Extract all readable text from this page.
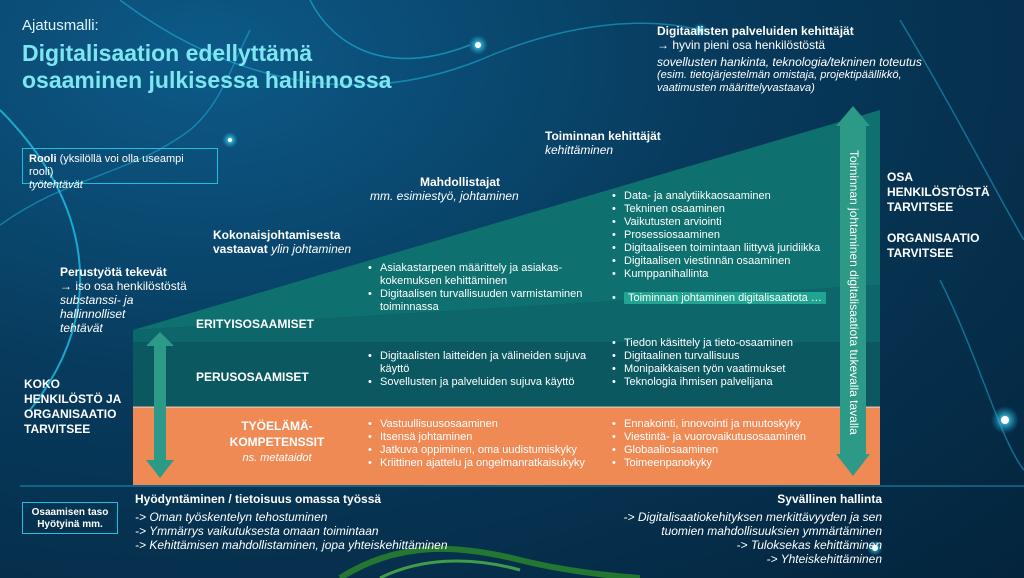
Ajatusmalli:
Digitalisaation edellyttämä
osaaminen julkisessa hallinnossa
Rooli (yksilöllä voi olla useampi rooli)
työtehtävät
Perustyötä tekevät
→ iso osa henkilöstöstä
substanssi- ja
hallinnolliset
tehtävät
Kokonaisjohtamisesta
vastaavat ylin johtaminen
Mahdollistajat
mm. esimiestyö, johtaminen
Toiminnan kehittäjät
kehittäminen
Digitaalisten palveluiden kehittäjät
→ hyvin pieni osa henkilöstöstä
sovellusten hankinta, teknologia/tekninen toteutus
(esim. tietojärjestelmän omistaja, projektipäällikkö,
vaatimusten määrittelyvastaava)
KOKO
HENKILÖSTÖ JA
ORGANISAATIO
TARVITSEE
OSA
HENKILÖSTÖSTÄ
TARVITSEE
ORGANISAATIO
TARVITSEE
Toiminnan johtaminen digitalisaatiota tukevalla tavalla
ERITYISOSAAMISET
PERUSOSAAMISET
TYÖELÄMÄ-
KOMPETENSSIT
ns. metataidot
• Asiakastarpeen määrittely ja asiakas-kokemuksen kehittäminen
• Digitaalisen turvallisuuden varmistaminen toiminnassa
• Data- ja analytiikkaosaaminen
• Tekninen osaaminen
• Vaikutusten arviointi
• Prosessiosaaminen
• Digitaaliseen toimintaan liittyvä juridiikka
• Digitaalisen viestinnän osaaminen
• Kumppanihallinta
• Toiminnan johtaminen digitalisaatiota …
• Digitaalisten laitteiden ja välineiden sujuva käyttö
• Sovellusten ja palveluiden sujuva käyttö
• Tiedon käsittely ja tieto-osaaminen
• Digitaalinen turvallisuus
• Monipaikkaisen työn vaatimukset
• Teknologia ihmisen palvelijana
• Vastuullisuusosaaminen
• Itsensä johtaminen
• Jatkuva oppiminen, oma uudistumiskyky
• Kriittinen ajattelu ja ongelmanratkaisukyky
• Ennakointi, innovointi ja muutoskyky
• Viestintä- ja vuorovaikutusosaaminen
• Globaaliosaaminen
• Toimeenpanokyky
Osaamisen taso
Hyötyinä mm.
Hyödyntäminen / tietoisuus omassa työssä
-> Oman työskentelyn tehostuminen
-> Ymmärrys vaikutuksesta omaan toimintaan
-> Kehittämisen mahdollistaminen, jopa yhteiskehittäminen
Syvällinen hallinta
-> Digitalisaatiokehityksen merkittävyyden ja sen
tuomien mahdollisuuksien ymmärtäminen
-> Tuloksekas kehittäminen
-> Yhteiskehittäminen
